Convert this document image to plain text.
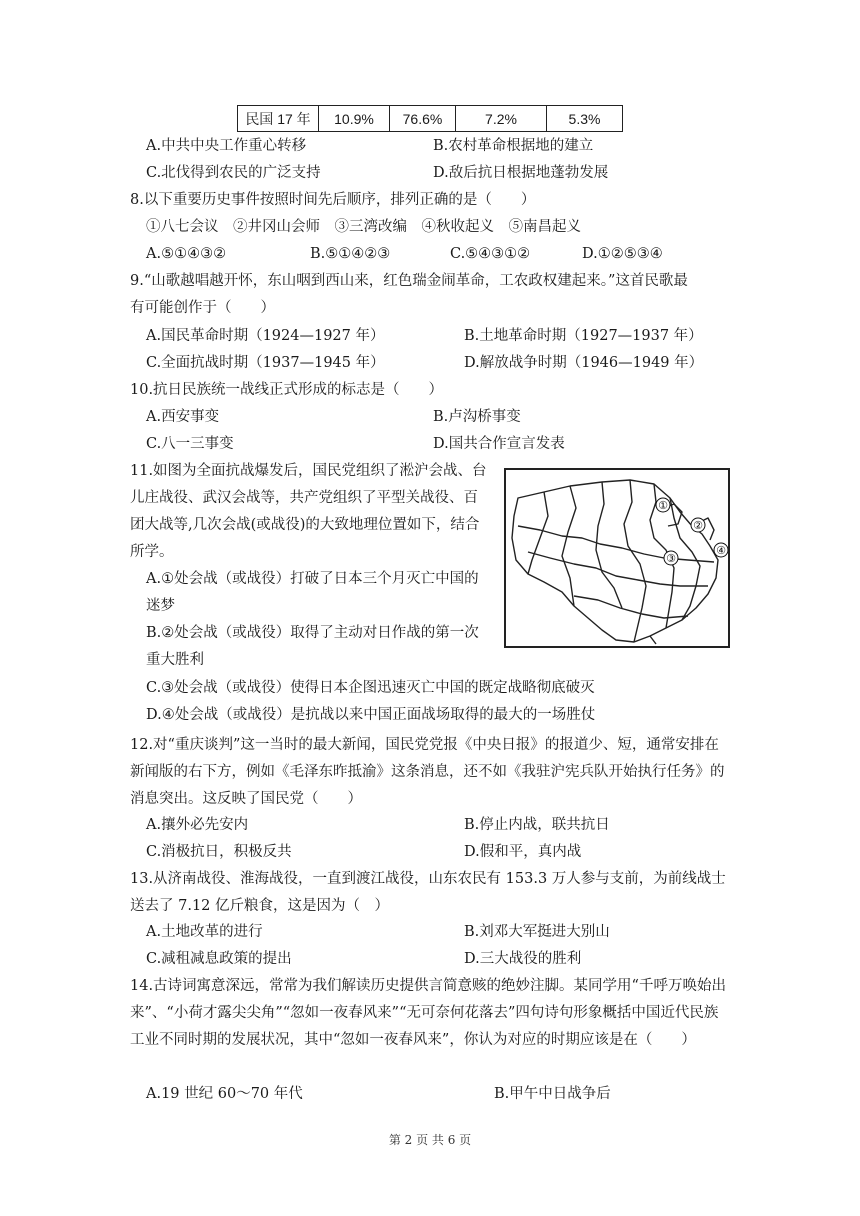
民国 17 年	10.9%	76.6%	7.2%	5.3%
A.中共中央工作重心转移	B.农村革命根据地的建立
C.北伐得到农民的广泛支持	D.敌后抗日根据地蓬勃发展
8.以下重要历史事件按照时间先后顺序，排列正确的是（　　）
①八七会议　②井冈山会师　③三湾改编　④秋收起义　⑤南昌起义
A.⑤①④③②	B.⑤①④②③	C.⑤④③①②	D.①②⑤③④
9.“山歌越唱越开怀，东山咽到西山来，红色瑞金闹革命，工农政权建起来。”这首民歌最
有可能创作于（　　）
A.国民革命时期（1924—1927 年）	B.土地革命时期（1927—1937 年）
C.全面抗战时期（1937—1945 年）	D.解放战争时期（1946—1949 年）
10.抗日民族统一战线正式形成的标志是（　　）
A.西安事变	B.卢沟桥事变
C.八一三事变	D.国共合作宣言发表
11.如图为全面抗战爆发后，国民党组织了淞沪会战、台儿庄战役、武汉会战等，共产党组织了平型关战役、百团大战等,几次会战(或战役)的大致地理位置如下，结合所学。
A.①处会战（或战役）打破了日本三个月灭亡中国的迷梦
B.②处会战（或战役）取得了主动对日作战的第一次重大胜利
C.③处会战（或战役）使得日本企图迅速灭亡中国的既定战略彻底破灭
D.④处会战（或战役）是抗战以来中国正面战场取得的最大的一场胜仗
①
②
③
④
12.对“重庆谈判”这一当时的最大新闻，国民党党报《中央日报》的报道少、短，通常安排在新闻版的右下方，例如《毛泽东昨抵渝》这条消息，还不如《我驻沪宪兵队开始执行任务》的消息突出。这反映了国民党（　　）
A.攘外必先安内	B.停止内战，联共抗日
C.消极抗日，积极反共	D.假和平，真内战
13.从济南战役、淮海战役，一直到渡江战役，山东农民有 153.3 万人参与支前，为前线战士送去了 7.12 亿斤粮食，这是因为（　）
A.土地改革的进行	B.刘邓大军挺进大别山
C.减租减息政策的提出	D.三大战役的胜利
14.古诗词寓意深远，常常为我们解读历史提供言简意赅的绝妙注脚。某同学用“千呼万唤始出来”、“小荷才露尖尖角”“忽如一夜春风来”“无可奈何花落去”四句诗句形象概括中国近代民族工业不同时期的发展状况，其中“忽如一夜春风来”，你认为对应的时期应该是在（　　）
A.19 世纪 60～70 年代	B.甲午中日战争后
第 2 页 共 6 页
